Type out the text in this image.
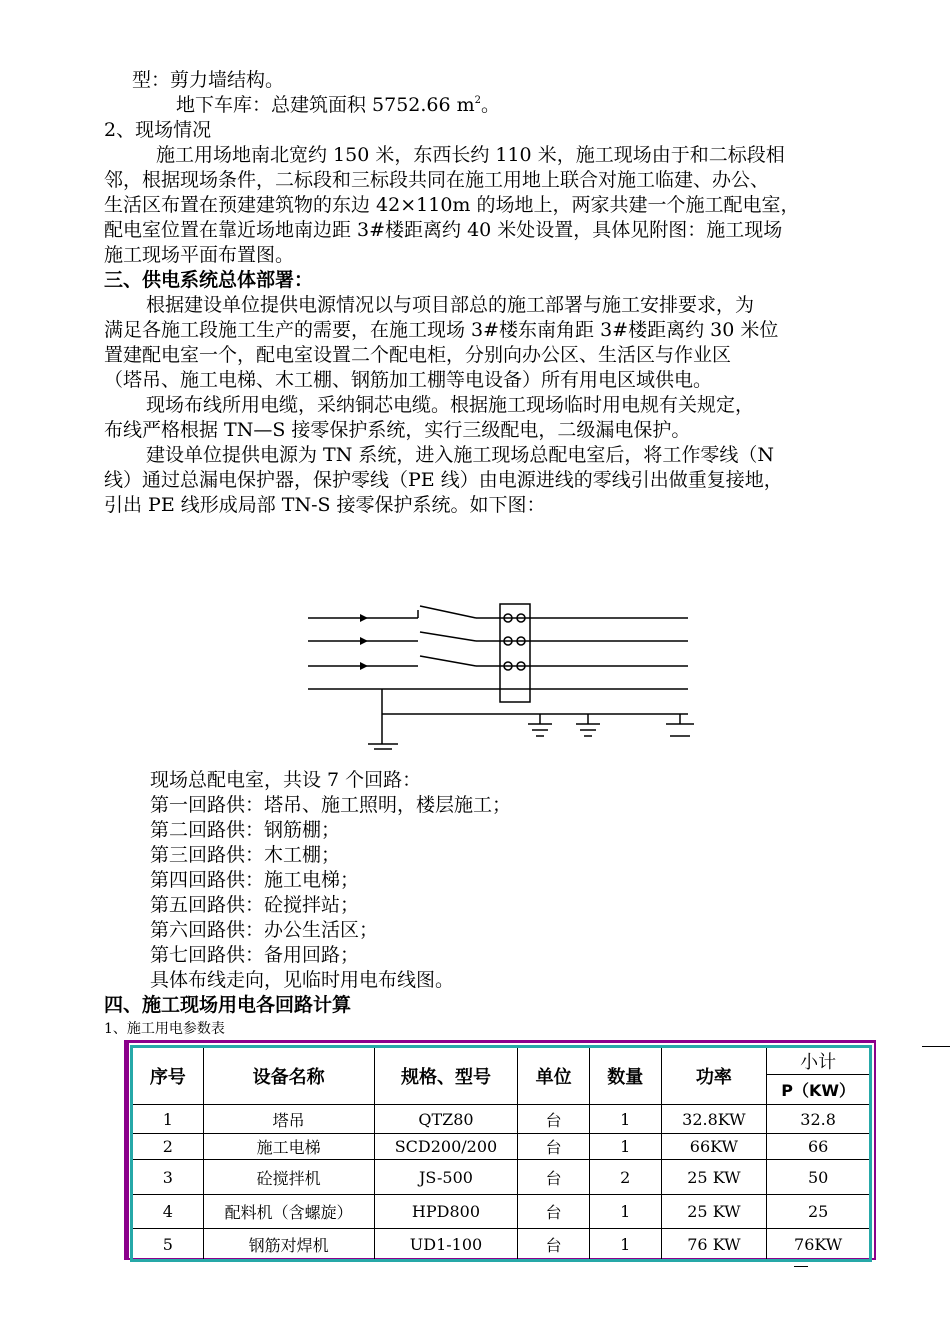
型：剪力墙结构。
地下车库：总建筑面积 5752.66 $m^2$。
2、现场情况
施工用场地南北宽约 150 米，东西长约 110 米，施工现场由于和二标段相
邻，根据现场条件，二标段和三标段共同在施工用地上联合对施工临建、办公、
生活区布置在预建建筑物的东边 42×110m 的场地上，两家共建一个施工配电室，
配电室位置在靠近场地南边距 3#楼距离约 40 米处设置，具体见附图：施工现场
施工现场平面布置图。
三、供电系统总体部署：
根据建设单位提供电源情况以与项目部总的施工部署与施工安排要求，为
满足各施工段施工生产的需要，在施工现场 3#楼东南角距 3#楼距离约 30 米位
置建配电室一个，配电室设置二个配电柜，分别向办公区、生活区与作业区
（塔吊、施工电梯、木工棚、钢筋加工棚等电设备）所有用电区域供电。
现场布线所用电缆，采纳铜芯电缆。根据施工现场临时用电规有关规定，
布线严格根据 TN—S 接零保护系统，实行三级配电，二级漏电保护。
建设单位提供电源为 TN 系统，进入施工现场总配电室后，将工作零线（N
线）通过总漏电保护器，保护零线（PE 线）由电源进线的零线引出做重复接地，
引出 PE 线形成局部 TN-S 接零保护系统。如下图：
现场总配电室，共设 7 个回路：
第一回路供：塔吊、施工照明，楼层施工；
第二回路供：钢筋棚；
第三回路供：木工棚；
第四回路供：施工电梯；
第五回路供：砼搅拌站；
第六回路供：办公生活区；
第七回路供：备用回路；
具体布线走向，见临时用电布线图。
四、施工现场用电各回路计算
1、施工用电参数表
序号	设备名称	规格、型号	单位	数量	功率	小计
						P（KW）
1	塔吊	QTZ80	台	1	32.8KW	32.8
2	施工电梯	SCD200/200	台	1	66KW	66
3	砼搅拌机	JS-500	台	2	25 KW	50
4	配料机（含螺旋）	HPD800	台	1	25 KW	25
5	钢筋对焊机	UD1-100	台	1	76 KW	76KW
